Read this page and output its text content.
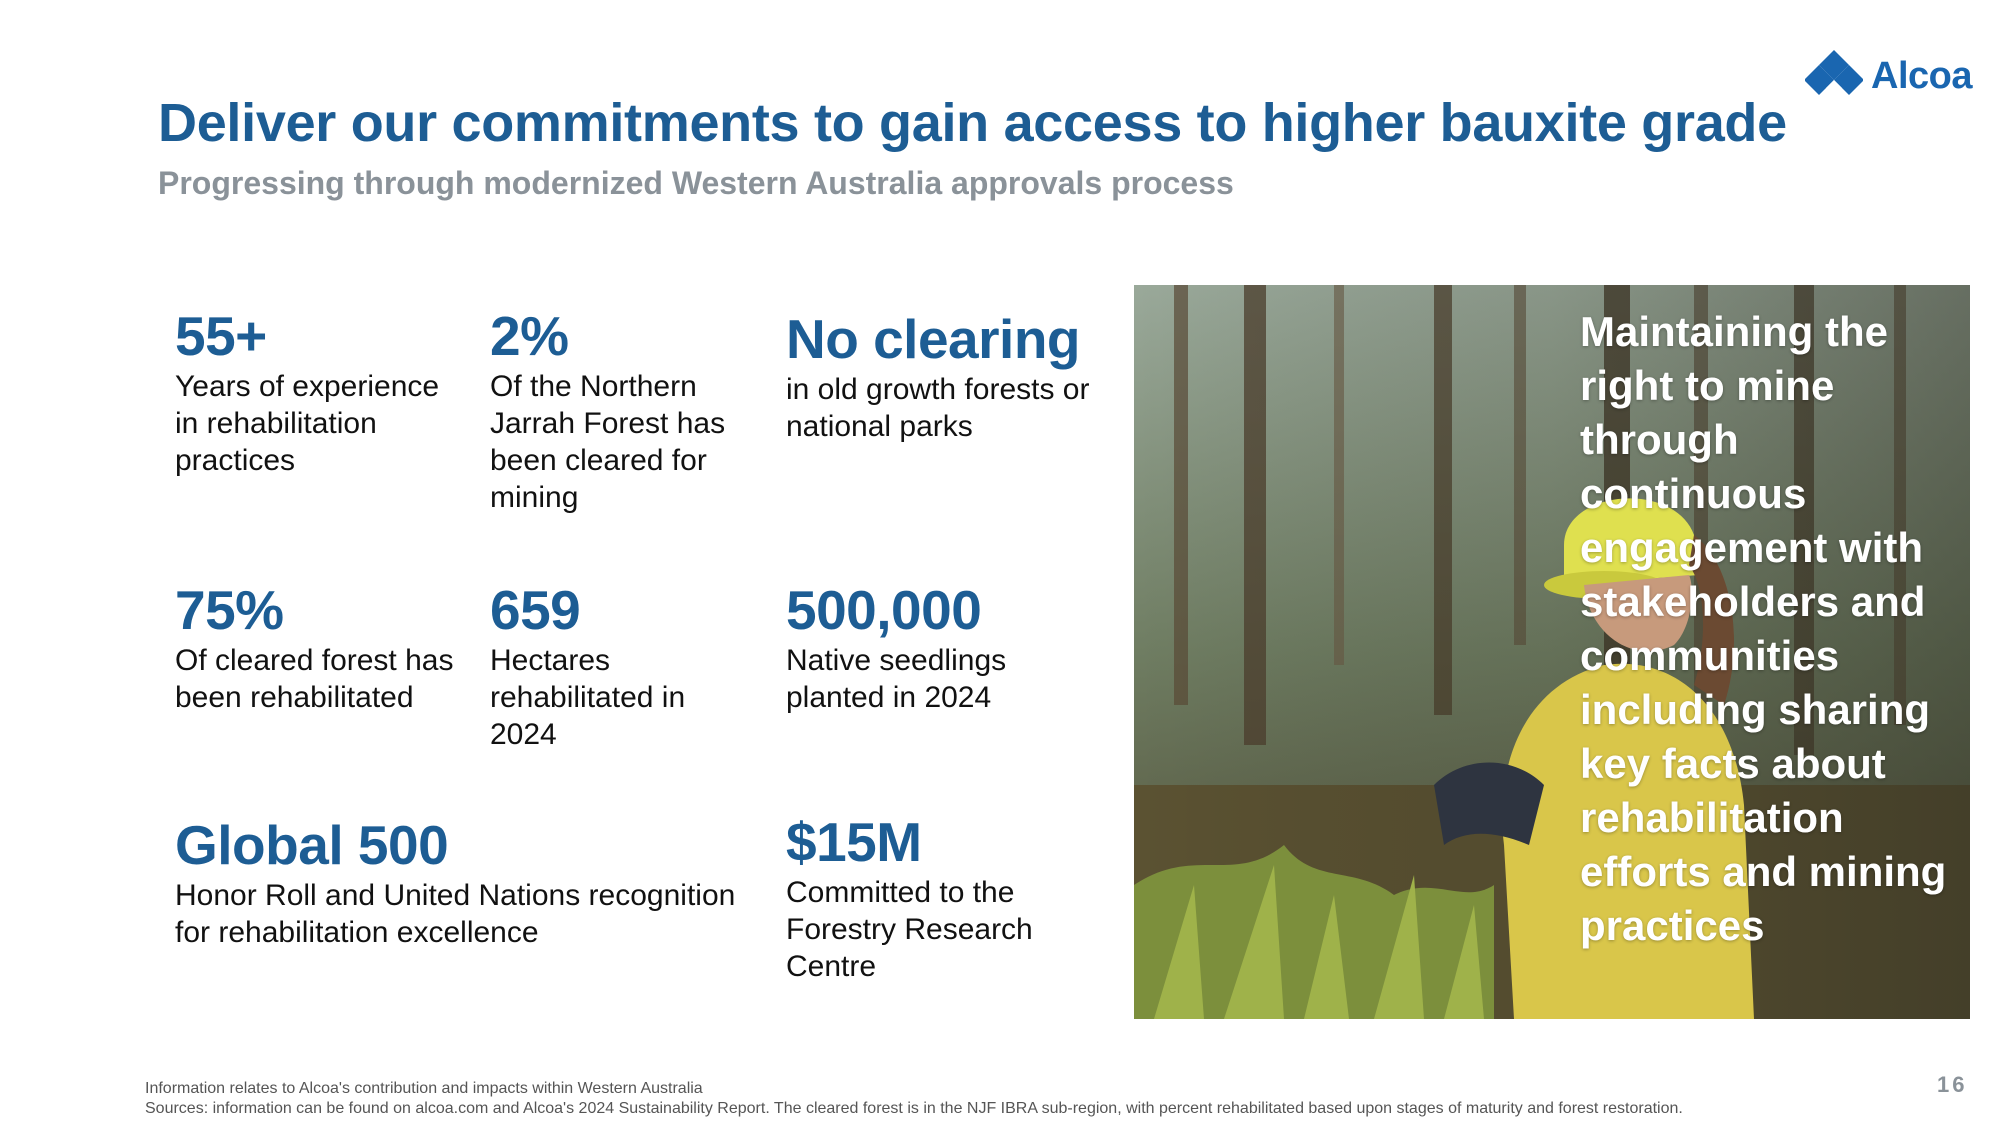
Alcoa
Deliver our commitments to gain access to higher bauxite grade
Progressing through modernized Western Australia approvals process
55+
Years of experience in rehabilitation practices
2%
Of the Northern Jarrah Forest has been cleared for mining
No clearing
in old growth forests or national parks
75%
Of cleared forest has been rehabilitated
659
Hectares rehabilitated in 2024
500,000
Native seedlings planted in 2024
Global 500
Honor Roll and United Nations recognition for rehabilitation excellence
$15M
Committed to the Forestry Research Centre
Maintaining the right to mine through continuous engagement with stakeholders and communities including sharing key facts about rehabilitation efforts and mining practices
Information relates to Alcoa's contribution and impacts within Western Australia
Sources: information can be found on alcoa.com and Alcoa's 2024 Sustainability Report. The cleared forest is in the NJF IBRA sub-region, with percent rehabilitated based upon stages of maturity and forest restoration.
16
